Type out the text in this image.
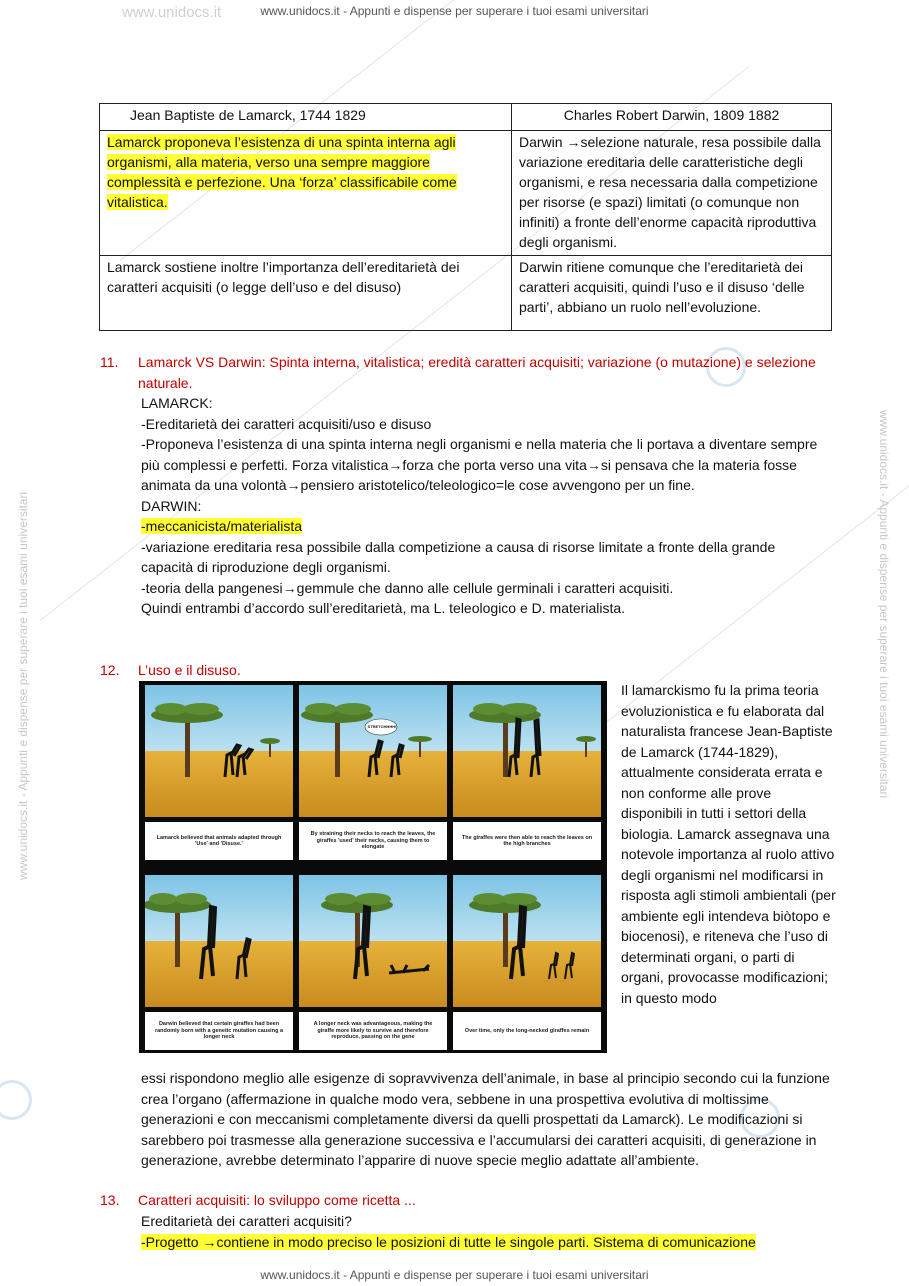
www.unidocs.it	www.unidocs.it - Appunti e dispense per superare i tuoi esami universitari
www.unidocs.it - Appunti e dispense per superare i tuoi esami universitari
www.unidocs.it - Appunti e dispense per superare i tuoi esami universitari	www.unidocs.it - Appunti e dispense per superare i tuoi esami universitari
Jean Baptiste de Lamarck, 1744 1829	Charles Robert Darwin, 1809 1882
Lamarck proponeva l’esistenza di una spinta interna agli organismi, alla materia, verso una sempre maggiore complessità e perfezione. Una ‘forza’ classificabile come vitalistica.	Darwin →selezione naturale, resa possibile dalla variazione ereditaria delle caratteristiche degli organismi, e resa necessaria dalla competizione per risorse (e spazi) limitati (o comunque non infiniti) a fronte dell’enorme capacità riproduttiva degli organismi.
Lamarck sostiene inoltre l’importanza dell’ereditarietà dei caratteri acquisiti (o legge dell’uso e del disuso)	Darwin ritiene comunque che l’ereditarietà dei caratteri acquisiti, quindi l’uso e il disuso ‘delle parti’, abbiano un ruolo nell’evoluzione.
11. Lamarck VS Darwin: Spinta interna, vitalistica; eredità caratteri acquisiti; variazione (o mutazione) e selezione naturale.

LAMARCK:

-Ereditarietà dei caratteri acquisiti/uso e disuso

-Proponeva l’esistenza di una spinta interna negli organismi e nella materia che li portava a diventare sempre più complessi e perfetti. Forza vitalistica→forza che porta verso una vita→si pensava che la materia fosse animata da una volontà→pensiero aristotelico/teleologico=le cose avvengono per un fine.

DARWIN:

-meccanicista/materialista

-variazione ereditaria resa possibile dalla competizione a causa di risorse limitate a fronte della grande capacità di riproduzione degli organismi.

-teoria della pangenesi→gemmule che danno alle cellule germinali i caratteri acquisiti.

Quindi entrambi d’accordo sull’ereditarietà, ma L. teleologico e D. materialista.

12. L’uso e il disuso.
Lamarck believed that animals adapted through 'Use' and 'Disuse.'
STRETCHHHH!
By straining their necks to reach the leaves, the giraffes 'used' their necks, causing them to elongate
The giraffes were then able to reach the leaves on the high branches
Darwin believed that certain giraffes had been randomly born with a genetic mutation causing a longer neck
A longer neck was advantageous, making the giraffe more likely to survive and therefore reproduce, passing on the gene
Over time, only the long-necked giraffes remain
Il lamarckismo fu la prima teoria evoluzionistica e fu elaborata dal naturalista francese Jean-Baptiste de Lamarck (1744-1829), attualmente considerata errata e non conforme alle prove disponibili in tutti i settori della biologia. Lamarck assegnava una notevole importanza al ruolo attivo degli organismi nel modificarsi in risposta agli stimoli ambientali (per ambiente egli intendeva biòtopo e biocenosi), e riteneva che l’uso di determinati organi, o parti di organi, provocasse modificazioni; in questo modo
essi rispondono meglio alle esigenze di sopravvivenza dell’animale, in base al principio secondo cui la funzione crea l’organo (affermazione in qualche modo vera, sebbene in una prospettiva evolutiva di moltissime generazioni e con meccanismi completamente diversi da quelli prospettati da Lamarck). Le modificazioni si sarebbero poi trasmesse alla generazione successiva e l’accumularsi dei caratteri acquisiti, di generazione in generazione, avrebbe determinato l’apparire di nuove specie meglio adattate all’ambiente.
13. Caratteri acquisiti: lo sviluppo come ricetta ...

Ereditarietà dei caratteri acquisiti?

-Progetto →contiene in modo preciso le posizioni di tutte le singole parti. Sistema di comunicazione
